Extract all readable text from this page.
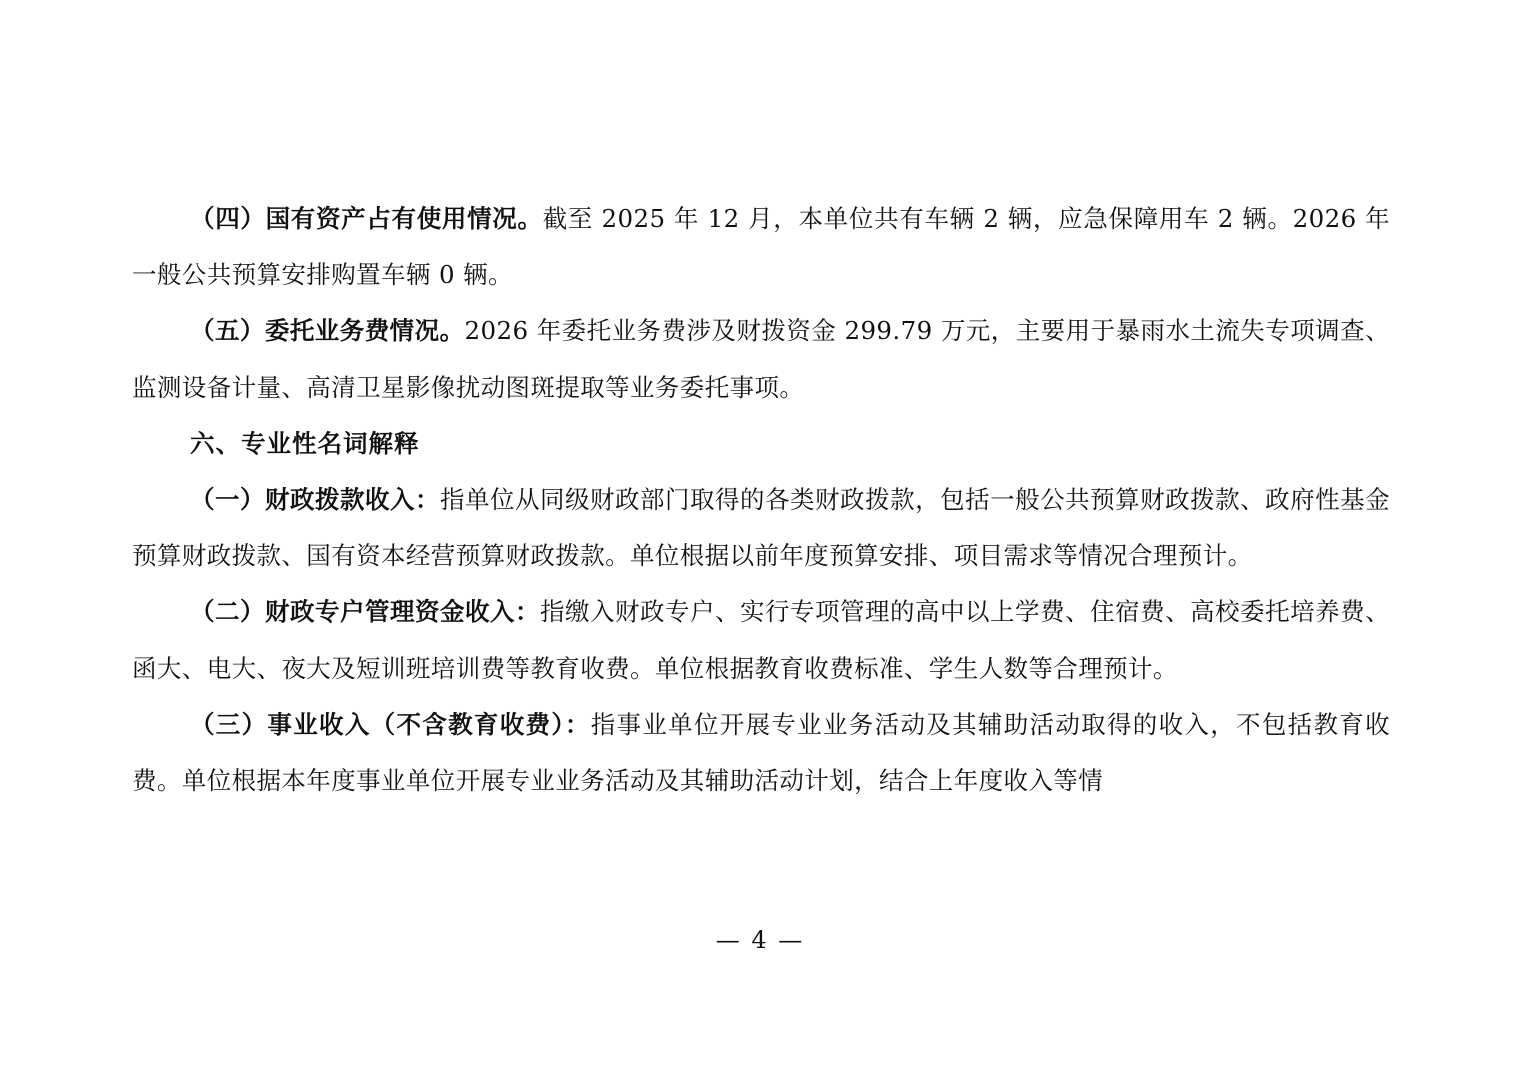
（四）国有资产占有使用情况。截至 2025 年 12 月，本单位共有车辆 2 辆，应急保障用车 2 辆。2026 年一般公共预算安排购置车辆 0 辆。

（五）委托业务费情况。2026 年委托业务费涉及财拨资金 299.79 万元，主要用于暴雨水土流失专项调查、监测设备计量、高清卫星影像扰动图斑提取等业务委托事项。

六、专业性名词解释

（一）财政拨款收入：指单位从同级财政部门取得的各类财政拨款，包括一般公共预算财政拨款、政府性基金预算财政拨款、国有资本经营预算财政拨款。单位根据以前年度预算安排、项目需求等情况合理预计。

（二）财政专户管理资金收入：指缴入财政专户、实行专项管理的高中以上学费、住宿费、高校委托培养费、函大、电大、夜大及短训班培训费等教育收费。单位根据教育收费标准、学生人数等合理预计。

（三）事业收入（不含教育收费）：指事业单位开展专业业务活动及其辅助活动取得的收入，不包括教育收费。单位根据本年度事业单位开展专业业务活动及其辅助活动计划，结合上年度收入等情

— 4 —
